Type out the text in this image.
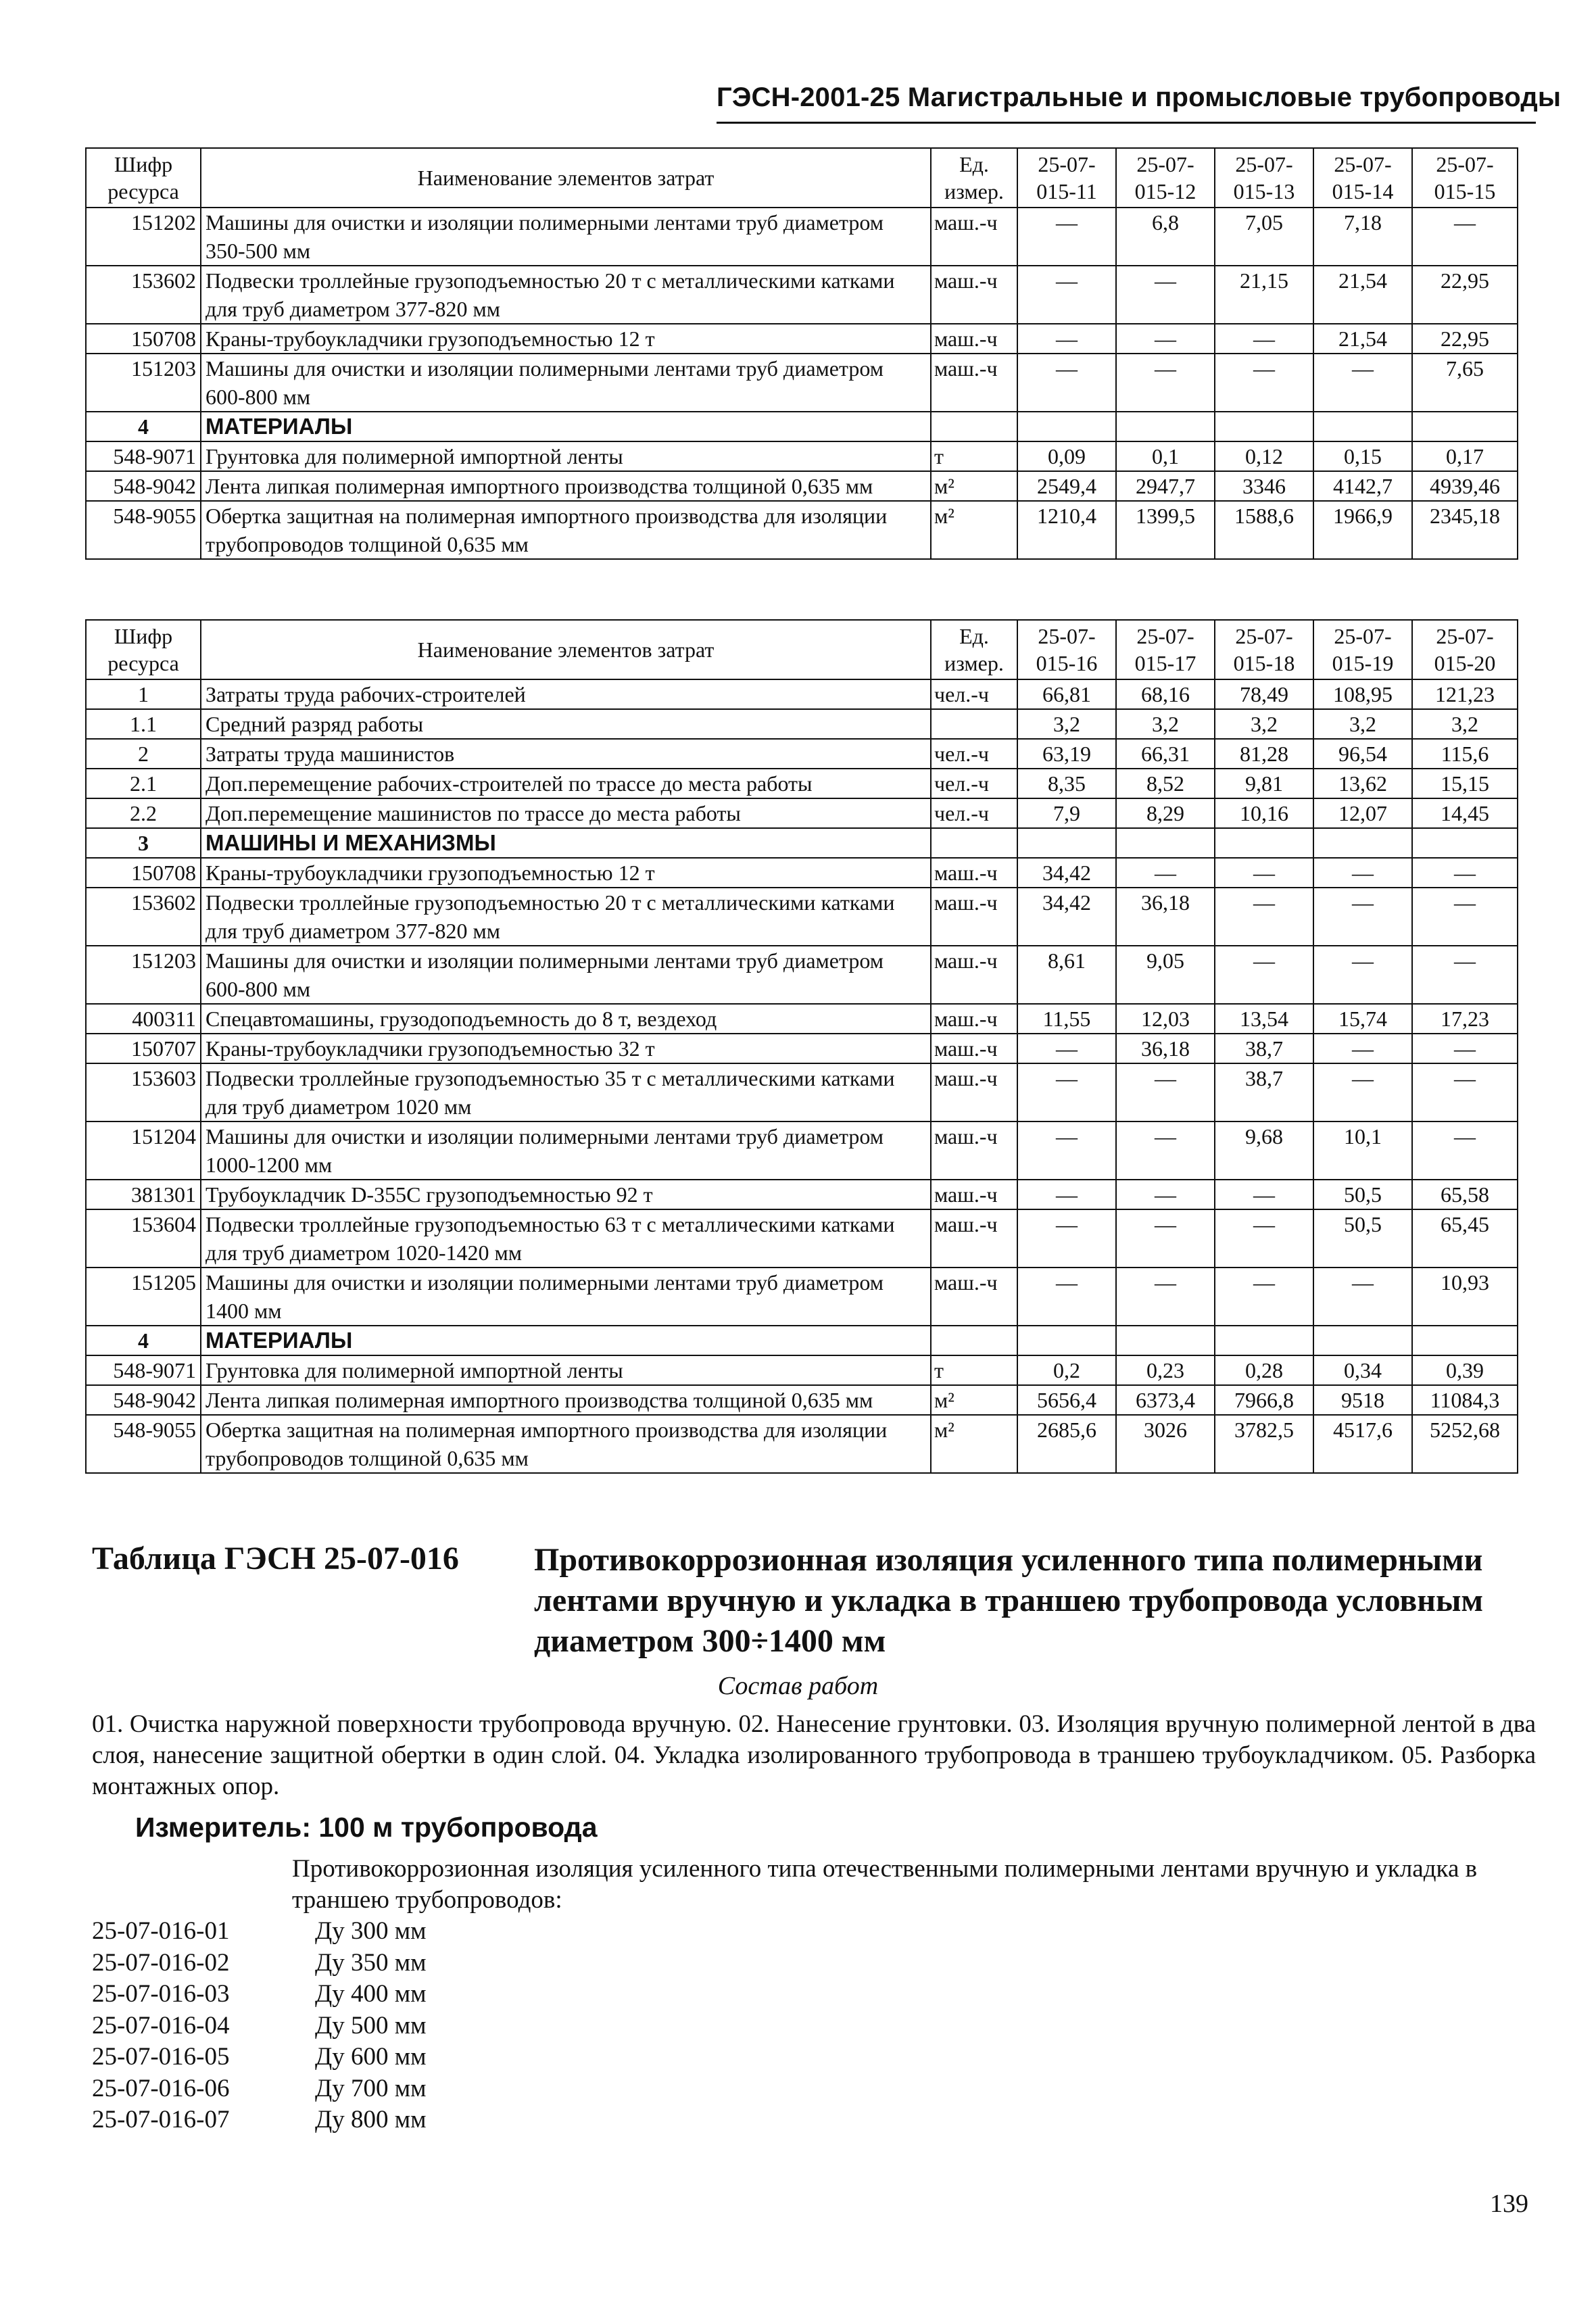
ГЭСН-2001-25 Магистральные и промысловые трубопроводы
Шифр ресурса	Наименование элементов затрат	Ед. измер.	25-07-015-11	25-07-015-12	25-07-015-13	25-07-015-14	25-07-015-15
151202	Машины для очистки и изоляции полимерными лентами труб диаметром 350-500 мм	маш.-ч	—	6,8	7,05	7,18	—
153602	Подвески троллейные грузоподъемностью 20 т с металлическими катками для труб диаметром 377-820 мм	маш.-ч	—	—	21,15	21,54	22,95
150708	Краны-трубоукладчики грузоподъемностью 12 т	маш.-ч	—	—	—	21,54	22,95
151203	Машины для очистки и изоляции полимерными лентами труб диаметром 600-800 мм	маш.-ч	—	—	—	—	7,65
4	МАТЕРИАЛЫ						
548-9071	Грунтовка для полимерной импортной ленты	т	0,09	0,1	0,12	0,15	0,17
548-9042	Лента липкая полимерная импортного производства толщиной 0,635 мм	м²	2549,4	2947,7	3346	4142,7	4939,46
548-9055	Обертка защитная на полимерная импортного производства для изоляции трубопроводов толщиной 0,635 мм	м²	1210,4	1399,5	1588,6	1966,9	2345,18
Шифр ресурса	Наименование элементов затрат	Ед. измер.	25-07-015-16	25-07-015-17	25-07-015-18	25-07-015-19	25-07-015-20
1	Затраты труда рабочих-строителей	чел.-ч	66,81	68,16	78,49	108,95	121,23
1.1	Средний разряд работы		3,2	3,2	3,2	3,2	3,2
2	Затраты труда машинистов	чел.-ч	63,19	66,31	81,28	96,54	115,6
2.1	Доп.перемещение рабочих-строителей по трассе до места работы	чел.-ч	8,35	8,52	9,81	13,62	15,15
2.2	Доп.перемещение машинистов по трассе до места работы	чел.-ч	7,9	8,29	10,16	12,07	14,45
3	МАШИНЫ И МЕХАНИЗМЫ						
150708	Краны-трубоукладчики грузоподъемностью 12 т	маш.-ч	34,42	—	—	—	—
153602	Подвески троллейные грузоподъемностью 20 т с металлическими катками для труб диаметром 377-820 мм	маш.-ч	34,42	36,18	—	—	—
151203	Машины для очистки и изоляции полимерными лентами труб диаметром 600-800 мм	маш.-ч	8,61	9,05	—	—	—
400311	Спецавтомашины, грузодоподъемность до 8 т, вездеход	маш.-ч	11,55	12,03	13,54	15,74	17,23
150707	Краны-трубоукладчики грузоподъемностью 32 т	маш.-ч	—	36,18	38,7	—	—
153603	Подвески троллейные грузоподъемностью 35 т с металлическими катками для труб диаметром 1020 мм	маш.-ч	—	—	38,7	—	—
151204	Машины для очистки и изоляции полимерными лентами труб диаметром 1000-1200 мм	маш.-ч	—	—	9,68	10,1	—
381301	Трубоукладчик D-355C грузоподъемностью 92 т	маш.-ч	—	—	—	50,5	65,58
153604	Подвески троллейные грузоподъемностью 63 т с металлическими катками для труб диаметром 1020-1420 мм	маш.-ч	—	—	—	50,5	65,45
151205	Машины для очистки и изоляции полимерными лентами труб диаметром 1400 мм	маш.-ч	—	—	—	—	10,93
4	МАТЕРИАЛЫ						
548-9071	Грунтовка для полимерной импортной ленты	т	0,2	0,23	0,28	0,34	0,39
548-9042	Лента липкая полимерная импортного производства толщиной 0,635 мм	м²	5656,4	6373,4	7966,8	9518	11084,3
548-9055	Обертка защитная на полимерная импортного производства для изоляции трубопроводов толщиной 0,635 мм	м²	2685,6	3026	3782,5	4517,6	5252,68
Таблица ГЭСН 25-07-016 Противокоррозионная изоляция усиленного типа полимерными лентами вручную и укладка в траншею трубопровода условным диаметром 300÷1400 мм
Состав работ
01. Очистка наружной поверхности трубопровода вручную. 02. Нанесение грунтовки. 03. Изоляция вручную полимерной лентой в два слоя, нанесение защитной обертки в один слой. 04. Укладка изолированного трубопровода в траншею трубоукладчиком. 05. Разборка монтажных опор.
Измеритель: 100 м трубопровода
Противокоррозионная изоляция усиленного типа отечественными полимерными лентами вручную и укладка в траншею трубопроводов:
25-07-016-01	Ду 300 мм
25-07-016-02	Ду 350 мм
25-07-016-03	Ду 400 мм
25-07-016-04	Ду 500 мм
25-07-016-05	Ду 600 мм
25-07-016-06	Ду 700 мм
25-07-016-07	Ду 800 мм
139
